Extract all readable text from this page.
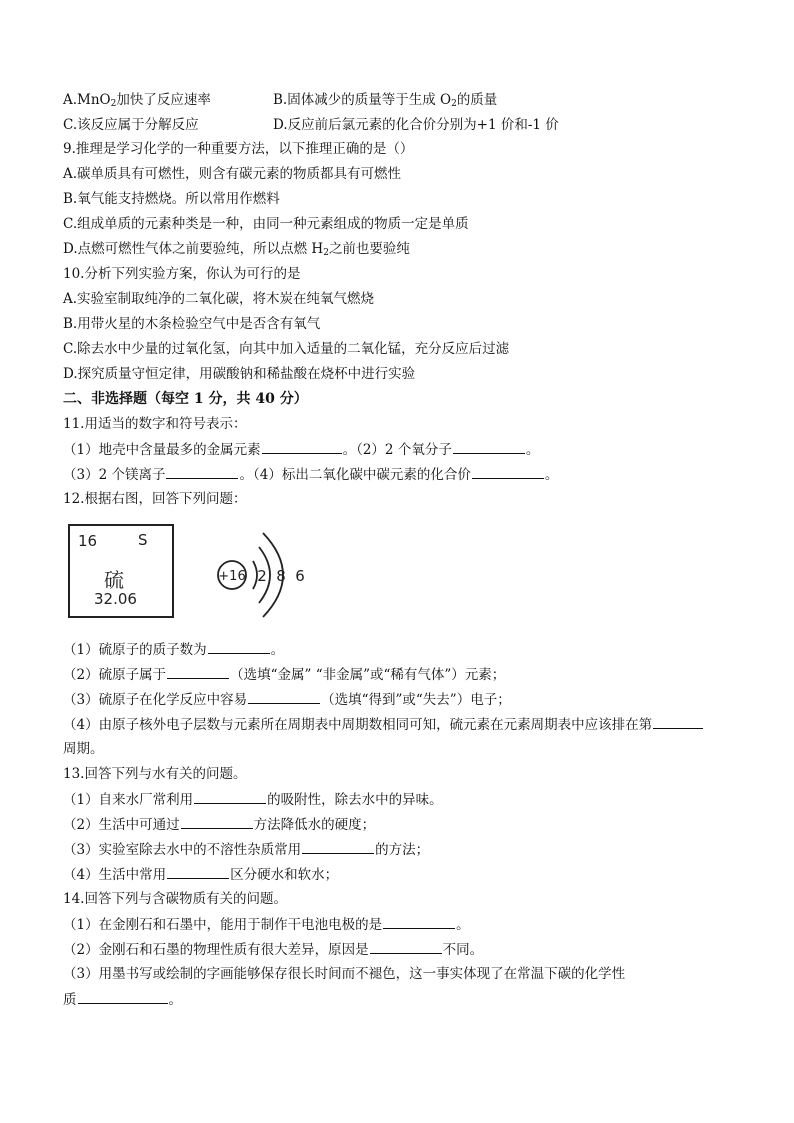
A.MnO$_2$加快了反应速率	B.固体减少的质量等于生成 $O_2$的质量
C.该反应属于分解反应	D.反应前后氯元素的化合价分别为+1 价和-1 价
9.推理是学习化学的一种重要方法，以下推理正确的是（）
A.碳单质具有可燃性，则含有碳元素的物质都具有可燃性
B.氧气能支持燃烧。所以常用作燃料
C.组成单质的元素种类是一种，由同一种元素组成的物质一定是单质
D.点燃可燃性气体之前要验纯，所以点燃 $H_2$之前也要验纯
10.分析下列实验方案，你认为可行的是
A.实验室制取纯净的二氧化碳，将木炭在纯氧气燃烧
B.用带火星的木条检验空气中是否含有氧气
C.除去水中少量的过氧化氢，向其中加入适量的二氧化锰，充分反应后过滤
D.探究质量守恒定律，用碳酸钠和稀盐酸在烧杯中进行实验
二、非选择题（每空 1 分，共 40 分）
11.用适当的数字和符号表示：
（1）地壳中含量最多的金属元素	。（2）2 个氧分子	。
（3）2 个镁离子	。（4）标出二氧化碳中碳元素的化合价	。
12.根据右图，回答下列问题：
16	S
硫
32.06
+16 2 8 6
（1）硫原子的质子数为	。
（2）硫原子属于	（选填“金属” “非金属”或“稀有气体”）元素；
（3）硫原子在化学反应中容易	（选填“得到”或“失去”）电子；
（4）由原子核外电子层数与元素所在周期表中周期数相同可知，硫元素在元素周期表中应该排在第
周期。
13.回答下列与水有关的问题。
（1）自来水厂常利用	的吸附性，除去水中的异味。
（2）生活中可通过	方法降低水的硬度；
（3）实验室除去水中的不溶性杂质常用	的方法；
（4）生活中常用	区分硬水和软水；
14.回答下列与含碳物质有关的问题。
（1）在金刚石和石墨中，能用于制作干电池电极的是	。
（2）金刚石和石墨的物理性质有很大差异，原因是	不同。
（3）用墨书写或绘制的字画能够保存很长时间而不褪色，这一事实体现了在常温下碳的化学性
质	。
